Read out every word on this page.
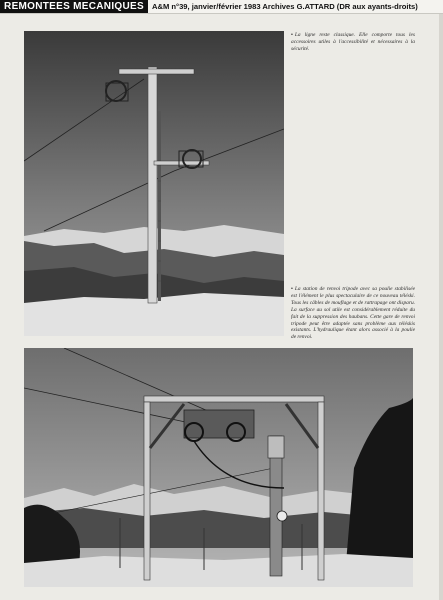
REMONTEES MECANIQUES	A&M n°39, janvier/février 1983 Archives G.ATTARD (DR aux ayants-droits)
• La ligne reste classique. Elle comporte tous les accessoires utiles à l'accessibilité et nécessaires à la sécurité.
• La station de renvoi tripode avec sa poulie stabilisée est l'élément le plus spectaculaire de ce nouveau téléski. Tous les câbles de mouflage et de rattrapage ont disparu. La surface au sol utile est considérablement réduite du fait de la suppression des haubans. Cette gare de renvoi tripode peut être adaptée sans problème aux téléskis existants. L'hydraulique étant alors associé à la poulie de renvoi.
